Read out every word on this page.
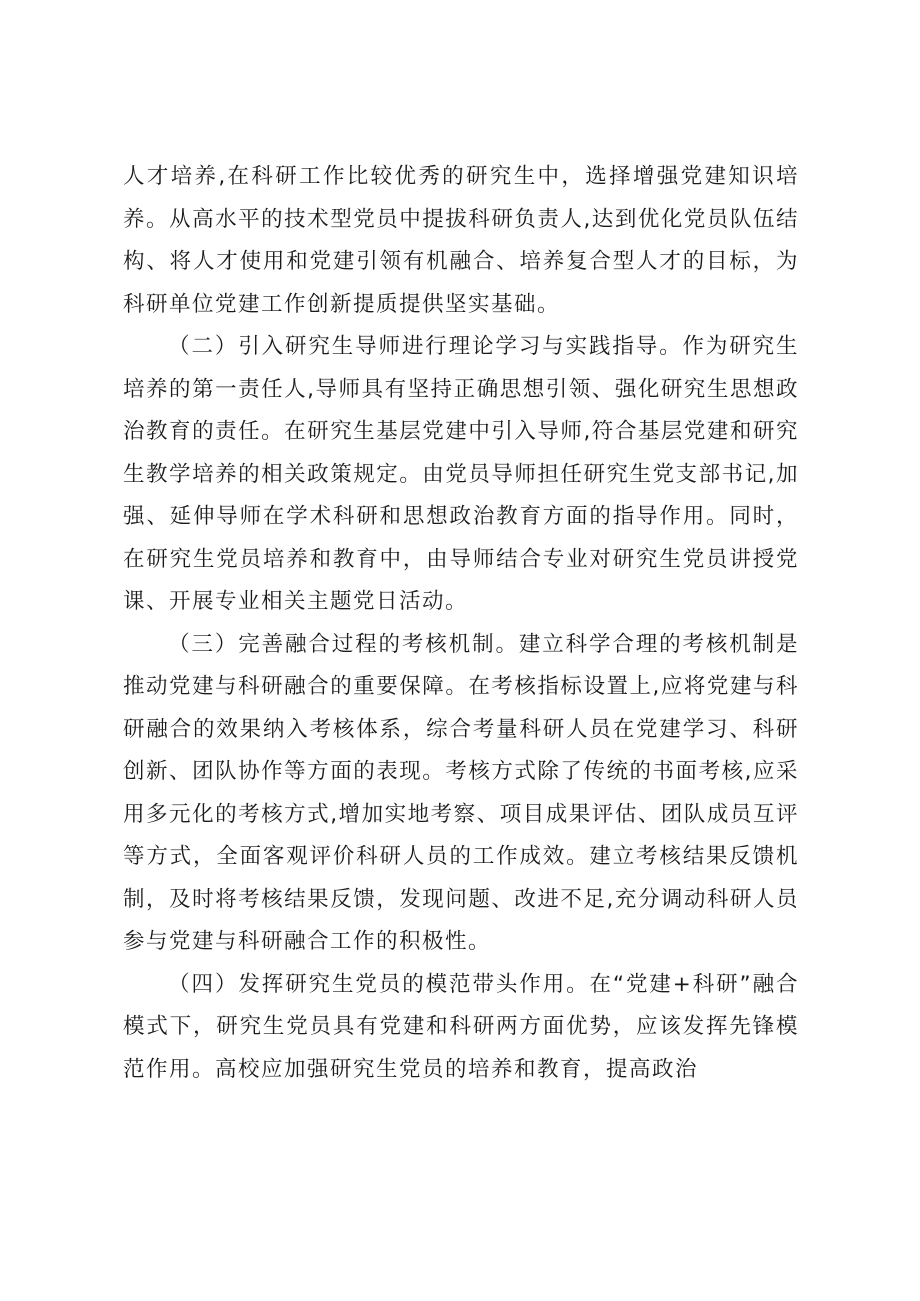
人才培养,在科研工作比较优秀的研究生中，选择增强党建知识培养。从高水平的技术型党员中提拔科研负责人,达到优化党员队伍结构、将人才使用和党建引领有机融合、培养复合型人才的目标，为科研单位党建工作创新提质提供坚实基础。

（二）引入研究生导师进行理论学习与实践指导。作为研究生培养的第一责任人,导师具有坚持正确思想引领、强化研究生思想政治教育的责任。在研究生基层党建中引入导师,符合基层党建和研究生教学培养的相关政策规定。由党员导师担任研究生党支部书记,加强、延伸导师在学术科研和思想政治教育方面的指导作用。同时，在研究生党员培养和教育中，由导师结合专业对研究生党员讲授党课、开展专业相关主题党日活动。

（三）完善融合过程的考核机制。建立科学合理的考核机制是推动党建与科研融合的重要保障。在考核指标设置上,应将党建与科研融合的效果纳入考核体系，综合考量科研人员在党建学习、科研创新、团队协作等方面的表现。考核方式除了传统的书面考核,应采用多元化的考核方式,增加实地考察、项目成果评估、团队成员互评等方式，全面客观评价科研人员的工作成效。建立考核结果反馈机制，及时将考核结果反馈，发现问题、改进不足,充分调动科研人员参与党建与科研融合工作的积极性。

（四）发挥研究生党员的模范带头作用。在“党建+科研”融合模式下，研究生党员具有党建和科研两方面优势，应该发挥先锋模范作用。高校应加强研究生党员的培养和教育，提高政治
